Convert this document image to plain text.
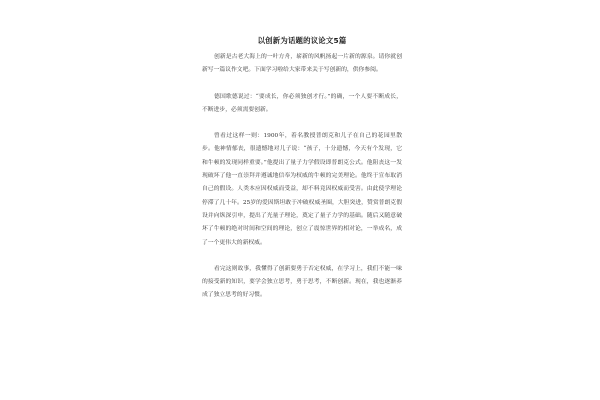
以创新为话题的议论文5篇

创新是古老大海上的一叶方舟，崭新的风帆扬起一片新的源泉。请你就创新写一篇议作文吧。下面学习啦给大家带来关于写创新的，供你参阅。

德国歌德说过：“要成长，你必须独创才行。”的确，一个人要不断成长，不断进步，必须需要创新。

曾看过这样一则：1900年，着名教授普朗克和儿子在自己的花园里散步。他神情郁丧，很遗憾地对儿子说：“孩子，十分遗憾，今天有个发现，它和牛顿的发现同样重要。”他提出了量子力学假设即普朗克公式。他阻丧这一发现破坏了他一直崇拜并遵诚地信奉为权威的牛顿的完美理论。他终于宣布取消自己的假设。人类本应因权威而受益，却不料竟因权威而受害。由此使学理论停滞了几十年。25岁的爱因斯坦敢于冲破权威圣圈，大胆突进，赞赏普朗克假设并向纵深引申，提出了光量子理论，奠定了量子力学的基础。随后又随意破坏了牛顿的绝对时间和空间的理论，创立了震惊世界的相对论，一举成名，成了一个更伟大的新权威。

看完这则故事，我懂得了创新要勇于否定权威，在学习上，我们不能一味的接受新的知识，要学会独立思考，勇于思考，不断创新。现在，我也逐渐养成了独立思考的好习惯。
